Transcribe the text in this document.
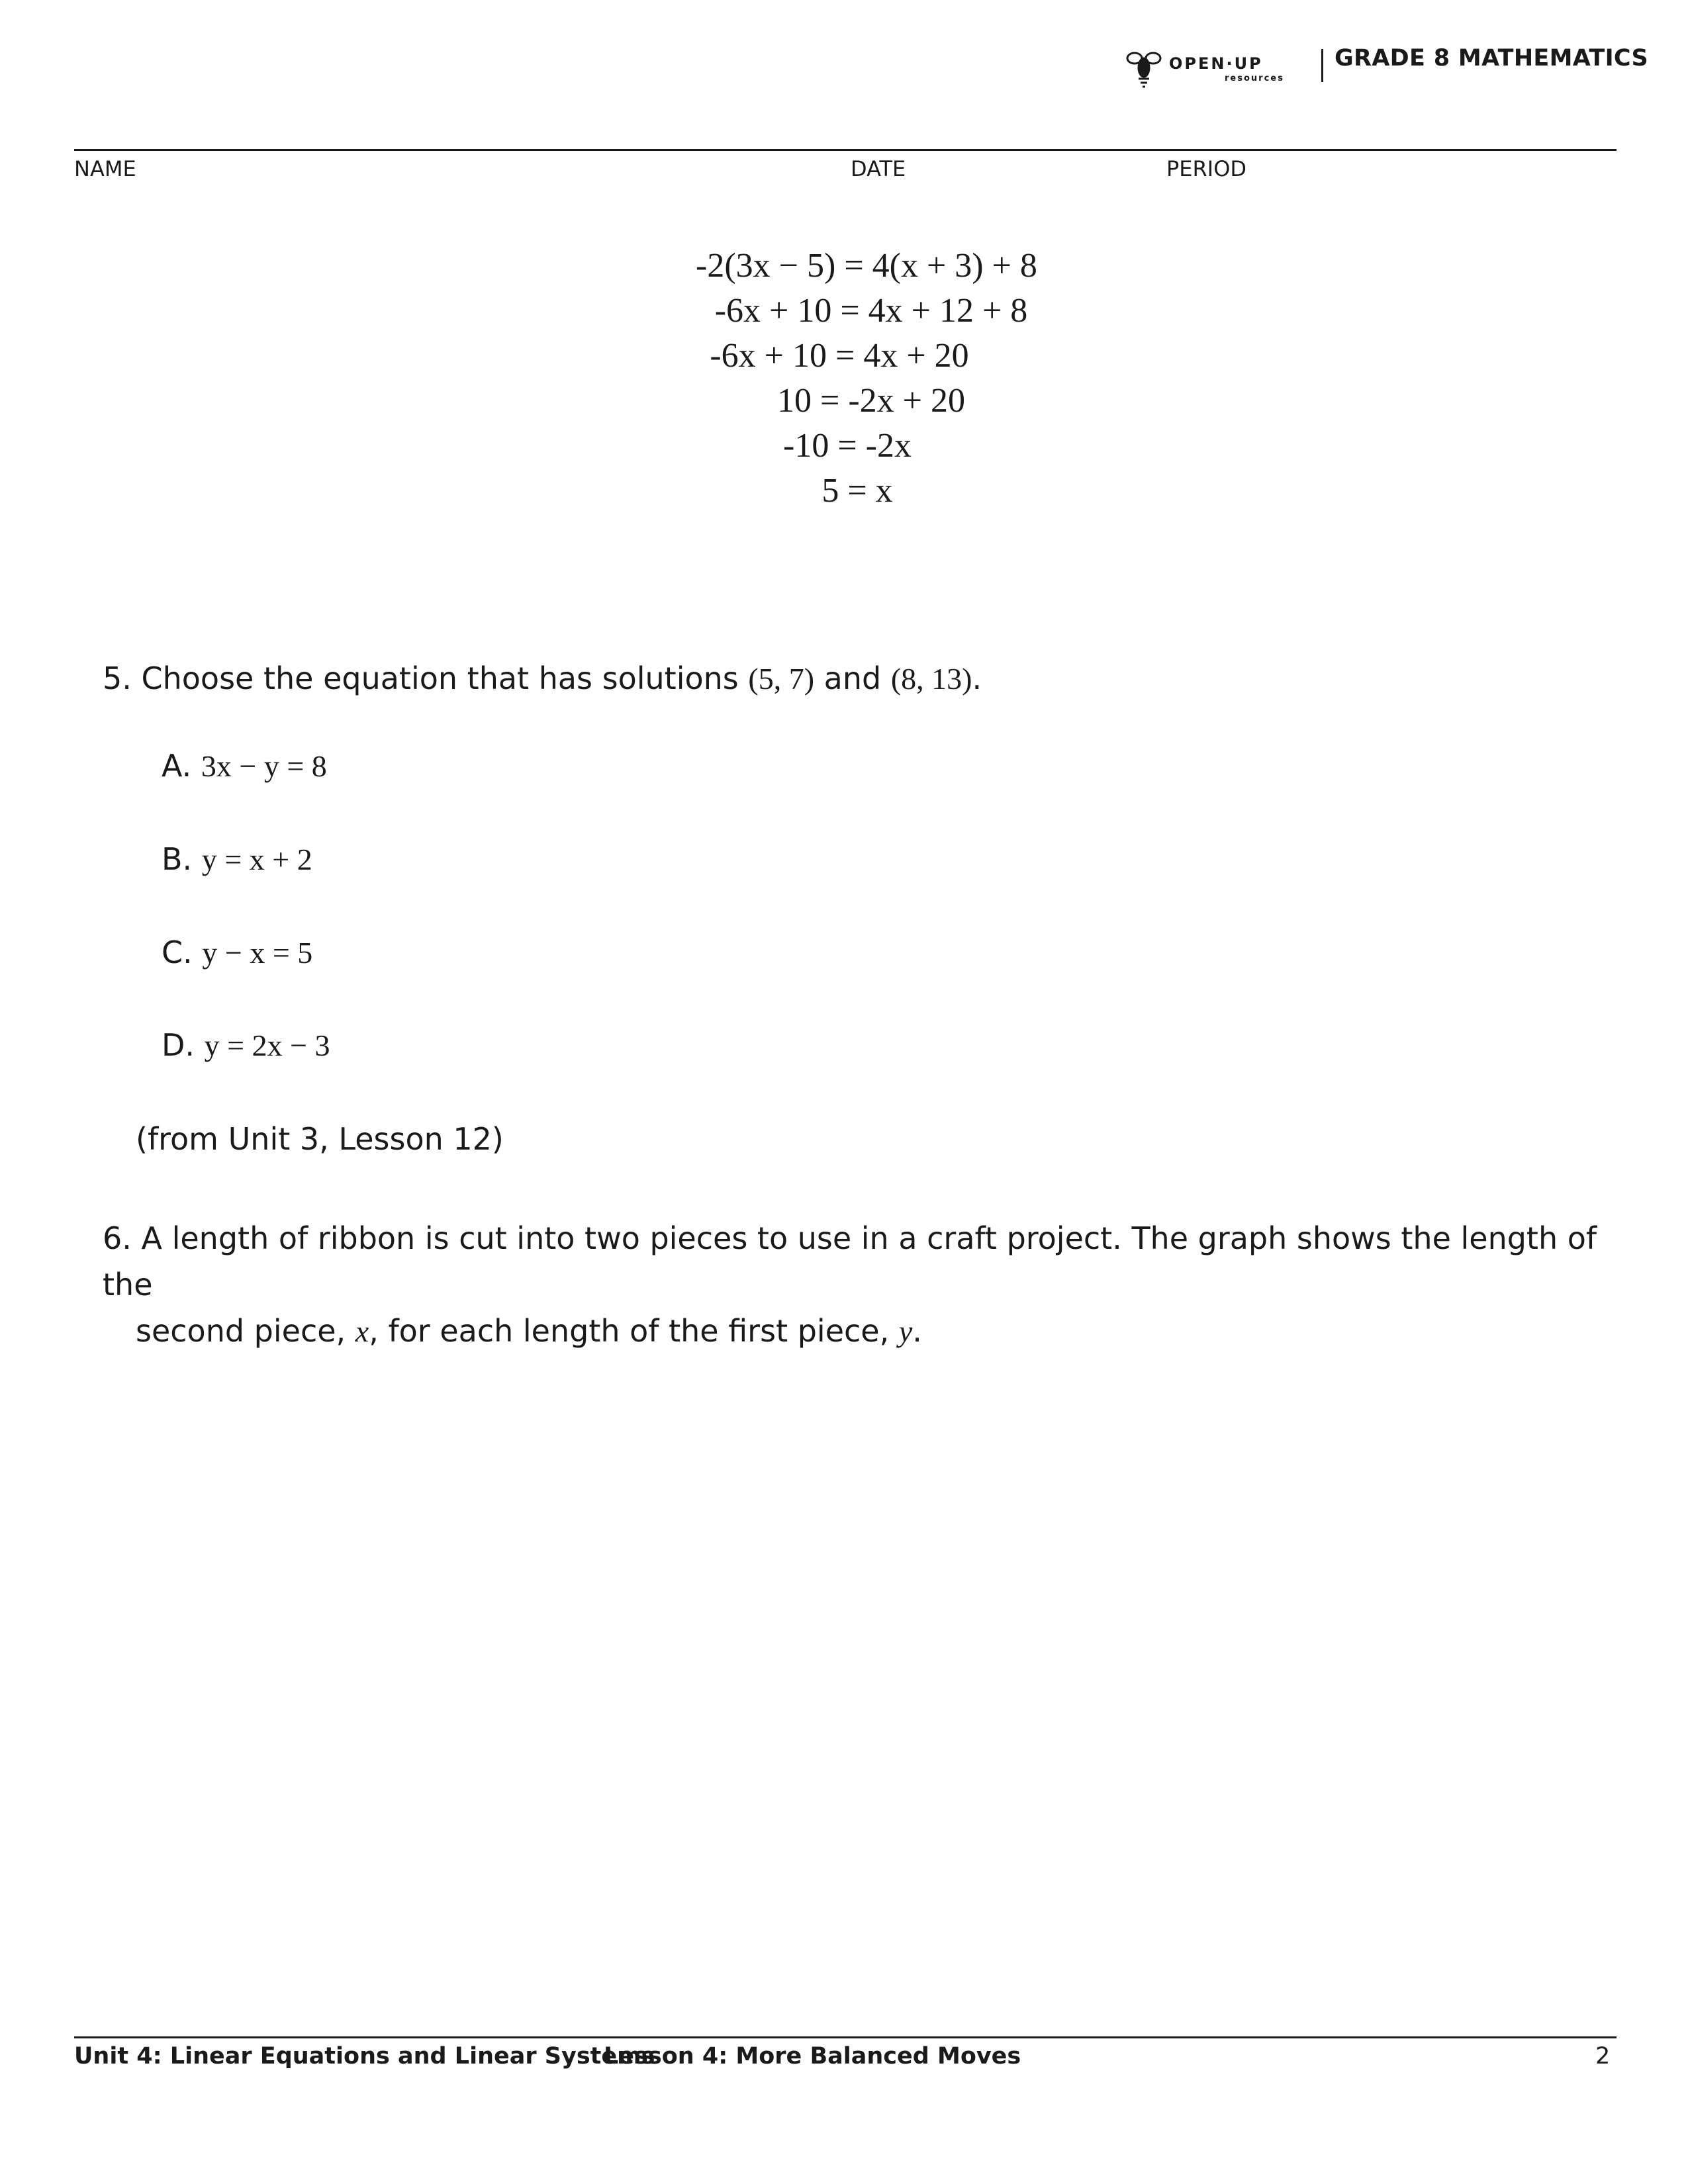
OPEN·UP
resources
GRADE 8 MATHEMATICS
NAME	DATE	PERIOD
-2(3x − 5) = 4(x + 3) + 8
-6x + 10 = 4x + 12 + 8
-6x + 10 = 4x + 20
10 = -2x + 20
-10 = -2x
5 = x
5. Choose the equation that has solutions (5, 7) and (8, 13).
A. 3x − y = 8
B. y = x + 2
C. y − x = 5
D. y = 2x − 3
(from Unit 3, Lesson 12)
6. A length of ribbon is cut into two pieces to use in a craft project. The graph shows the length of the
second piece, x, for each length of the first piece, y.
Unit 4: Linear Equations and Linear Systems
Lesson 4: More Balanced Moves	2
